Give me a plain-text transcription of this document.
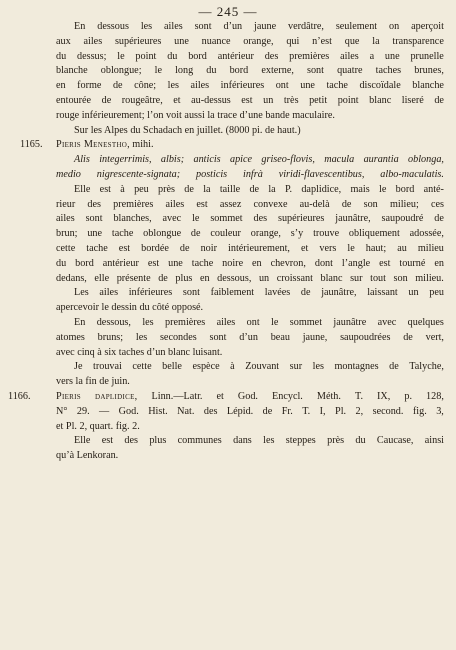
— 245 —
En dessous les ailes sont d’un jaune verdâtre, seulement on aperçoit
aux ailes supérieures une nuance orange, qui n’est que la transparence
du dessus; le point du bord antérieur des premières ailes a une prunelle
blanche oblongue; le long du bord externe, sont quatre taches brunes,
en forme de cône; les ailes inférieures ont une tache discoïdale blanche
entourée de rougeâtre, et au-dessus est un très petit point blanc liseré de
rouge inférieurement; l’on voit aussi la trace d’une bande maculaire.
Sur les Alpes du Schadach en juillet. (8000 pi. de haut.)
1165. Pieris Menestho, mihi.
Alis integerrimis, albis; anticis apice griseo-flovis, macula aurantia oblonga,
medio nigrescente-signata; posticis infrà viridi-flavescentibus, albo-maculatis.
Elle est à peu près de la taille de la P. daplidice, mais le bord anté-
rieur des premières ailes est assez convexe au-delà de son milieu; ces
ailes sont blanches, avec le sommet des supérieures jaunâtre, saupoudré de
brun; une tache oblongue de couleur orange, s’y trouve obliquement adossée,
cette tache est bordée de noir intérieurement, et vers le haut; au milieu
du bord antérieur est une tache noire en chevron, dont l’angle est tourné en
dedans, elle présente de plus en dessous, un croissant blanc sur tout son milieu.
Les ailes inférieures sont faiblement lavées de jaunâtre, laissant un peu
apercevoir le dessin du côté opposé.
En dessous, les premières ailes ont le sommet jaunâtre avec quelques
atomes bruns; les secondes sont d’un beau jaune, saupoudrées de vert,
avec cinq à six taches d’un blanc luisant.
Je trouvai cette belle espèce à Zouvant sur les montagnes de Talyche,
vers la fin de juin.
1166. Pieris daplidice, Linn.—Latr. et God. Encycl. Méth. T. IX, p. 128,
N° 29. — God. Hist. Nat. des Lépid. de Fr. T. I, Pl. 2, second. fig. 3,
et Pl. 2, quart. fig. 2.
Elle est des plus communes dans les steppes près du Caucase, ainsi
qu’à Lenkoran.
